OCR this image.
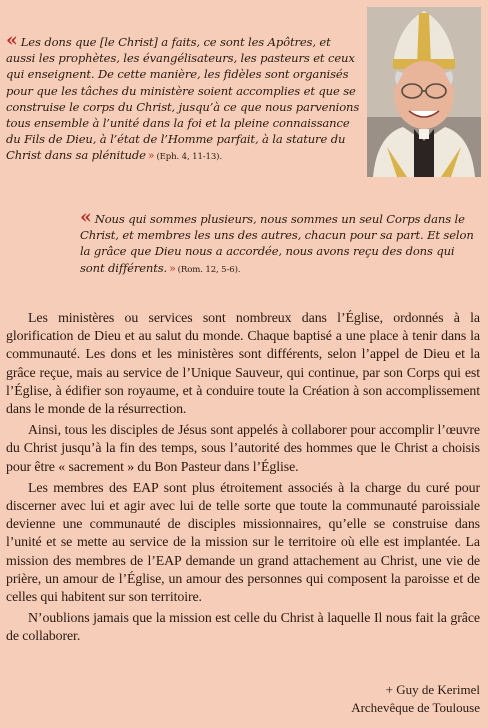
« Les dons que [le Christ] a faits, ce sont les Apôtres, et aussi les prophètes, les évangélisateurs, les pasteurs et ceux qui enseignent. De cette manière, les fidèles sont organisés pour que les tâches du ministère soient accomplies et que se construise le corps du Christ, jusqu’à ce que nous parvenions tous ensemble à l’unité dans la foi et la pleine connaissance du Fils de Dieu, à l’état de l’Homme parfait, à la stature du Christ dans sa plénitude » (Eph. 4, 11-13).
« Nous qui sommes plusieurs, nous sommes un seul Corps dans le Christ, et membres les uns des autres, chacun pour sa part. Et selon la grâce que Dieu nous a accordée, nous avons reçu des dons qui sont différents. » (Rom. 12, 5-6).

Les ministères ou services sont nombreux dans l’Église, ordonnés à la glorification de Dieu et au salut du monde. Chaque baptisé a une place à tenir dans la communauté. Les dons et les ministères sont différents, selon l’appel de Dieu et la grâce reçue, mais au service de l’Unique Sauveur, qui continue, par son Corps qui est l’Église, à édifier son royaume, et à conduire toute la Création à son accomplissement dans le monde de la résurrection.

Ainsi, tous les disciples de Jésus sont appelés à collaborer pour accomplir l’œuvre du Christ jusqu’à la fin des temps, sous l’autorité des hommes que le Christ a choisis pour être « sacrement » du Bon Pasteur dans l’Église.

Les membres des EAP sont plus étroitement associés à la charge du curé pour discerner avec lui et agir avec lui de telle sorte que toute la communauté paroissiale devienne une communauté de disciples missionnaires, qu’elle se construise dans l’unité et se mette au service de la mission sur le territoire où elle est implantée. La mission des membres de l’EAP demande un grand attachement au Christ, une vie de prière, un amour de l’Église, un amour des personnes qui composent la paroisse et de celles qui habitent sur son territoire.

N’oublions jamais que la mission est celle du Christ à laquelle Il nous fait la grâce de collaborer.

+ Guy de Kerimel
Archevêque de Toulouse
